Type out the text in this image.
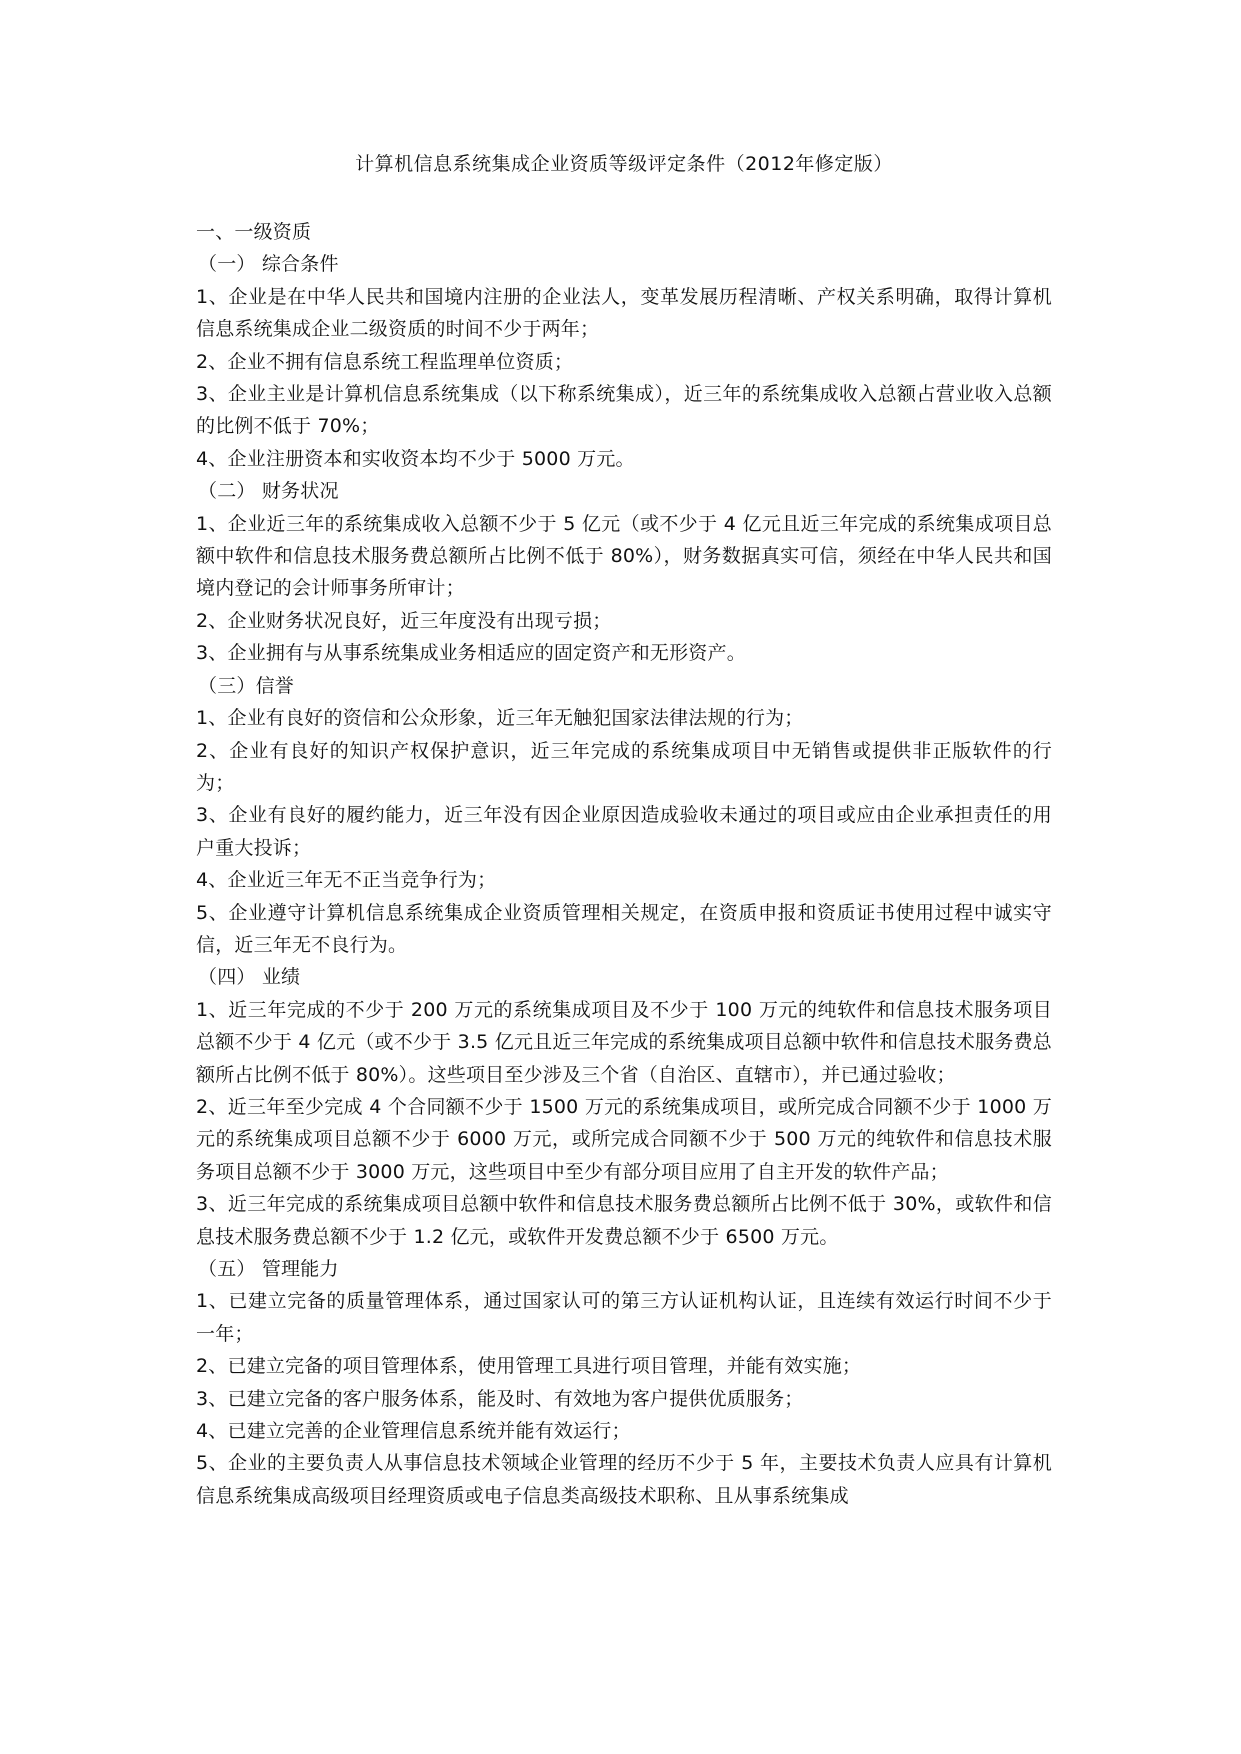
计算机信息系统集成企业资质等级评定条件（2012年修定版）

一、一级资质

（一） 综合条件

1、企业是在中华人民共和国境内注册的企业法人，变革发展历程清晰、产权关系明确，取得计算机信息系统集成企业二级资质的时间不少于两年；

2、企业不拥有信息系统工程监理单位资质；

3、企业主业是计算机信息系统集成（以下称系统集成），近三年的系统集成收入总额占营业收入总额的比例不低于 70%；

4、企业注册资本和实收资本均不少于 5000 万元。

（二） 财务状况

1、企业近三年的系统集成收入总额不少于 5 亿元（或不少于 4 亿元且近三年完成的系统集成项目总额中软件和信息技术服务费总额所占比例不低于 80%），财务数据真实可信，须经在中华人民共和国境内登记的会计师事务所审计；

2、企业财务状况良好，近三年度没有出现亏损；

3、企业拥有与从事系统集成业务相适应的固定资产和无形资产。

（三）信誉

1、企业有良好的资信和公众形象，近三年无触犯国家法律法规的行为；

2、企业有良好的知识产权保护意识，近三年完成的系统集成项目中无销售或提供非正版软件的行为；

3、企业有良好的履约能力，近三年没有因企业原因造成验收未通过的项目或应由企业承担责任的用户重大投诉；

4、企业近三年无不正当竞争行为；

5、企业遵守计算机信息系统集成企业资质管理相关规定，在资质申报和资质证书使用过程中诚实守信，近三年无不良行为。

（四） 业绩

1、近三年完成的不少于 200 万元的系统集成项目及不少于 100 万元的纯软件和信息技术服务项目总额不少于 4 亿元（或不少于 3.5 亿元且近三年完成的系统集成项目总额中软件和信息技术服务费总额所占比例不低于 80%）。这些项目至少涉及三个省（自治区、直辖市），并已通过验收；

2、近三年至少完成 4 个合同额不少于 1500 万元的系统集成项目，或所完成合同额不少于 1000 万元的系统集成项目总额不少于 6000 万元，或所完成合同额不少于 500 万元的纯软件和信息技术服务项目总额不少于 3000 万元，这些项目中至少有部分项目应用了自主开发的软件产品；

3、近三年完成的系统集成项目总额中软件和信息技术服务费总额所占比例不低于 30%，或软件和信息技术服务费总额不少于 1.2 亿元，或软件开发费总额不少于 6500 万元。

（五） 管理能力

1、已建立完备的质量管理体系，通过国家认可的第三方认证机构认证，且连续有效运行时间不少于一年；

2、已建立完备的项目管理体系，使用管理工具进行项目管理，并能有效实施；

3、已建立完备的客户服务体系，能及时、有效地为客户提供优质服务；

4、已建立完善的企业管理信息系统并能有效运行；

5、企业的主要负责人从事信息技术领域企业管理的经历不少于 5 年，主要技术负责人应具有计算机信息系统集成高级项目经理资质或电子信息类高级技术职称、且从事系统集成
